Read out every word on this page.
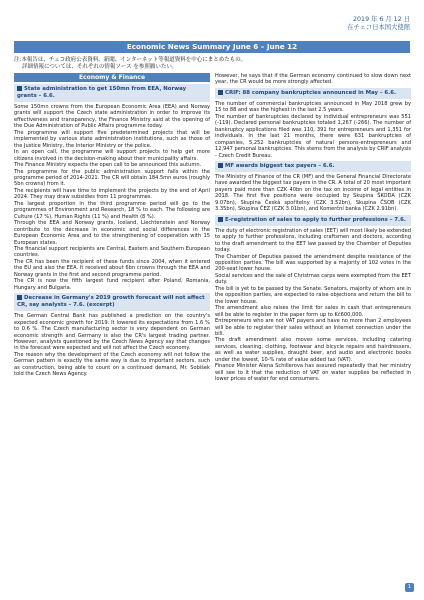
2019 年 6 月 12 日
在チェコ日本国大使館
Economic News Summary June 6 – June 12
注:本報告は、チェコ政府公表資料、新聞、インターネット等報道資料を中心にまとめたもの。
詳細情報については、それぞれの情報ソース を参照願いたい。
Economy & Finance
State administration to get 150mn from EEA, Norway grants – 6.6.

Some 150mn crowns from the European Economic Area (EEA) and Norway grants will support the Czech state administration in order to improve its effectiveness and transparency, the Finance Ministry said at the opening of the Due Administration of Public Affairs programme today.

The programme will support five predetermined projects that will be implemented by various state administration institutions, such as those of the Justice Ministry, the Interior Ministry or the police.

In an open call, the programme will support projects to help get more citizens involved in the decision-making about their municipality affairs.

The Finance Ministry expects the open call to be announced this autumn.

The programme for the public administration support falls within the programme period of 2014-2021. The CR will obtain 184.5mn euros (roughly 5bn crowns) from it.

The recipients will have time to implement the projects by the end of April 2024. They may draw subsidies from 11 programmes.

The largest proportion in the third programme period will go to the programmes of Environment and Research, 18 % to each. The following are Culture (17 %), Human Rights (11 %) and Health (8 %).

Through the EEA and Norway grants, Iceland, Liechtenstein and Norway contribute to the decrease in economic and social differences in the European Economic Area and to the strengthening of cooperation with 15 European states.

The financial support recipients are Central, Eastern and Southern European countries.

The CR has been the recipient of these funds since 2004, when it entered the EU and also the EEA. It received about 6bn crowns through the EEA and Norway grants in the first and second programme period.

The CR is now the fifth largest fund recipient after Poland, Romania, Hungary and Bulgaria.

Decrease in Germany's 2019 growth forecast will not affect CR, say analysts – 7.6. (excerpt)

The German Central Bank has published a prediction on the country's expected economic growth for 2019. It lowered its expectations from 1.6 % to 0.6 %. The Czech manufacturing sector is very dependent on German economic strength and Germany is also the CR's largest trading partner. However, analysts questioned by the Czech News Agency say that changes in the forecast were expected and will not affect the Czech economy.

The reason why the development of the Czech economy will not follow the German pattern is exactly the same way is due to important sectors, such as construction, being able to count on a continued demand, Mr. Sobíšek told the Czech News Agency.

However, he says that if the German economy continued to slow down next year, the CR would be more strongly affected.

CRIF: 88 company bankruptcies announced in May – 6.6.

The number of commercial bankruptcies announced in May 2018 grew by 15 to 88 and was the highest in the last 2.5 years.

The number of bankruptcies declared by individual entrepreneurs was 551 (-119). Declared personal bankruptcies totaled 1,267 (-266). The number of bankruptcy applications filed was 110, 391 for entrepreneurs and 1,351 for individuals. In the last 21 months, there were 631 bankruptcies of companies, 5,252 bankruptcies of natural persons-entrepreneurs and 12,947 personal bankruptcies. This stems from the analysis by CRIF analysis - Czech Credit Bureau.

MF awards biggest tax payers – 6.6.

The Ministry of Finance of the CR (MF) and the General Financial Directorate have awarded the biggest tax payers in the CR. A total of 20 most important payers paid more than CZK 40bn on the tax on income of legal entities in 2018. The first five positions were occupied by Skupina ŠKODA (CZK 9.07bn), Skupina Česká spořitelny (CZK 3.52bn), Skupina ČSOB (CZK 3.35bn), Skupina ČEZ (CZK 3.01bn), and Komerční banka (CZK 2.91bn).

E-registration of sales to apply to further professions – 7.6.

The duty of electronic registration of sales (EET) will most likely be extended to apply to further professions, including craftsmen and doctors, according to the draft amendment to the EET law passed by the Chamber of Deputies today.

The Chamber of Deputies passed the amendment despite resistance of the opposition parties. The bill was supported by a majority of 102 votes in the 200-seat lower house.

Social services and the sale of Christmas carps were exempted from the EET duty.

The bill is yet to be passed by the Senate. Senators, majority of whom are in the opposition parties, are expected to raise objections and return the bill to the lower house.

The amendment also raises the limit for sales in cash that entrepreneurs will be able to register in the paper form up to Kč600,000.

Entrepreneurs who are not VAT payers and have no more than 2 employees will be able to register their sales without an Internet connection under the bill.

The draft amendment also moves some services, including catering services, cleaning, clothing, footwear and bicycle repairs and hairdressers, as well as water supplies, draught beer, and audio and electronic books under the lowest, 10-% rate of value added tax (VAT).

Finance Minister Alena Schillerova has assured repeatedly that her ministry will see to it that the reduction of VAT on water supplies be reflected in lower prices of water for end consumers.

1
